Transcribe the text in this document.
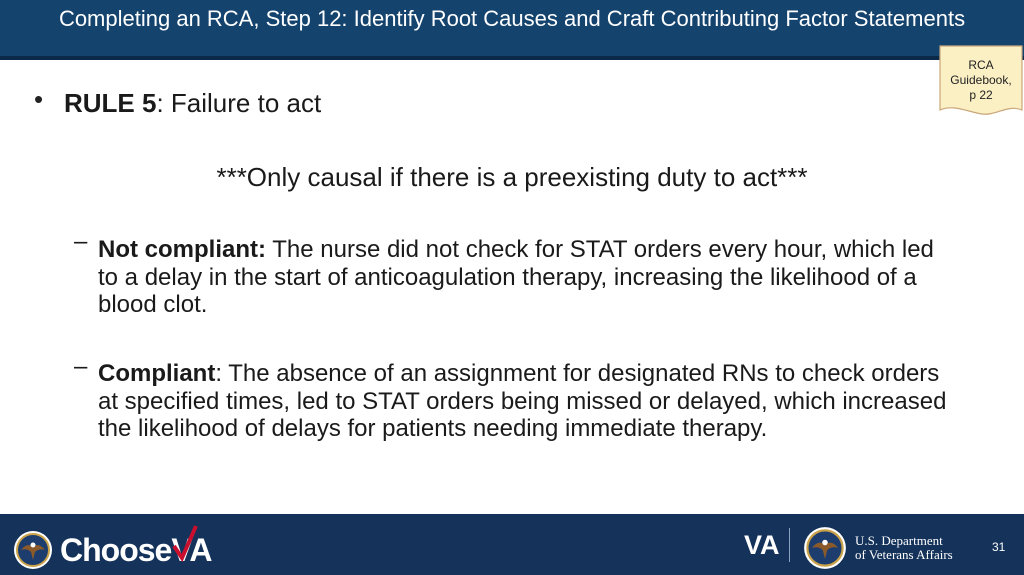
Completing an RCA, Step 12: Identify Root Causes and Craft Contributing Factor Statements
RCA
Guidebook,
p 22
• RULE 5: Failure to act
***Only causal if there is a preexisting duty to act***
– Not compliant: The nurse did not check for STAT orders every hour, which led to a delay in the start of anticoagulation therapy, increasing the likelihood of a blood clot.
– Compliant: The absence of an assignment for designated RNs to check orders at specified times, led to STAT orders being missed or delayed, which increased the likelihood of delays for patients needing immediate therapy.
ChooseVA	VA	U.S. Department
of Veterans Affairs	31
